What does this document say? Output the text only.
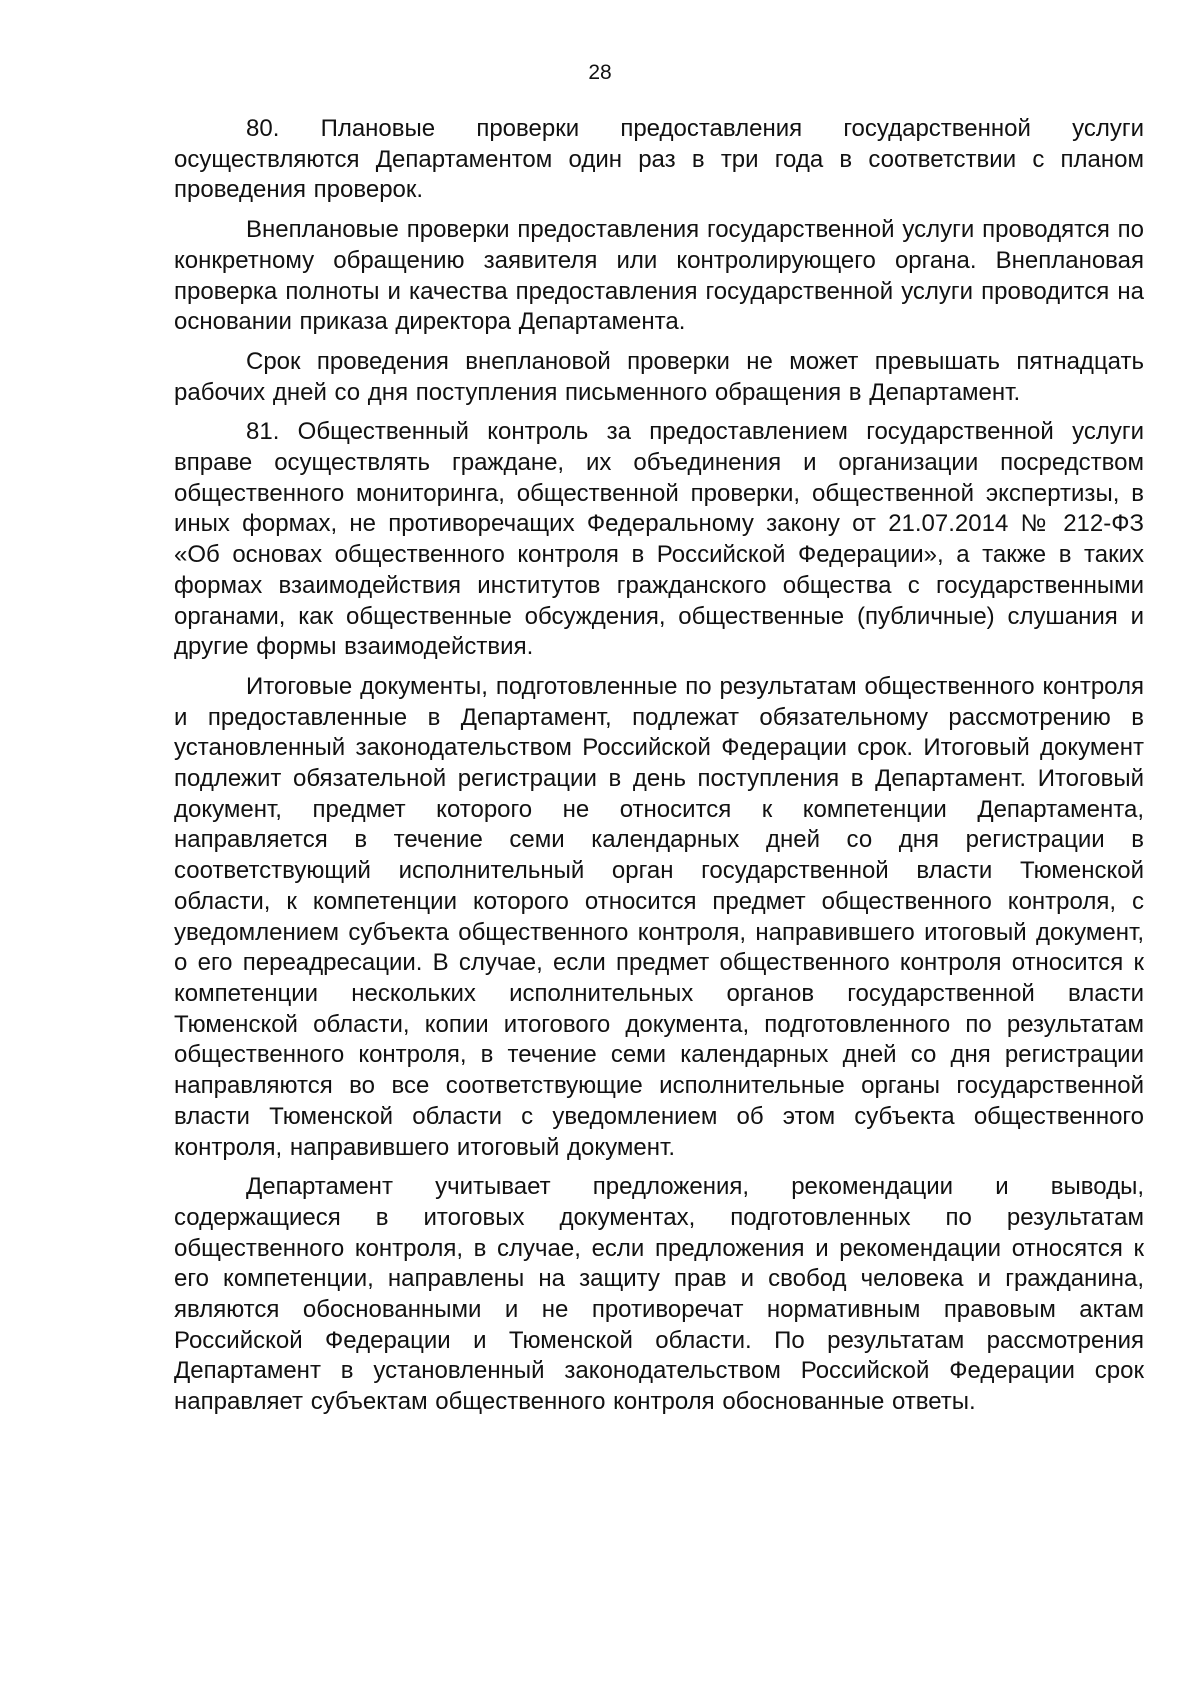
28

80. Плановые проверки предоставления государственной услуги осуществляются Департаментом один раз в три года в соответствии с планом проведения проверок.

Внеплановые проверки предоставления государственной услуги проводятся по конкретному обращению заявителя или контролирующего органа. Внеплановая проверка полноты и качества предоставления государственной услуги проводится на основании приказа директора Департамента.

Срок проведения внеплановой проверки не может превышать пятнадцать рабочих дней со дня поступления письменного обращения в Департамент.

81. Общественный контроль за предоставлением государственной услуги вправе осуществлять граждане, их объединения и организации посредством общественного мониторинга, общественной проверки, общественной экспертизы, в иных формах, не противоречащих Федеральному закону от 21.07.2014 № 212-ФЗ «Об основах общественного контроля в Российской Федерации», а также в таких формах взаимодействия институтов гражданского общества с государственными органами, как общественные обсуждения, общественные (публичные) слушания и другие формы взаимодействия.

Итоговые документы, подготовленные по результатам общественного контроля и предоставленные в Департамент, подлежат обязательному рассмотрению в установленный законодательством Российской Федерации срок. Итоговый документ подлежит обязательной регистрации в день поступления в Департамент. Итоговый документ, предмет которого не относится к компетенции Департамента, направляется в течение семи календарных дней со дня регистрации в соответствующий исполнительный орган государственной власти Тюменской области, к компетенции которого относится предмет общественного контроля, с уведомлением субъекта общественного контроля, направившего итоговый документ, о его переадресации. В случае, если предмет общественного контроля относится к компетенции нескольких исполнительных органов государственной власти Тюменской области, копии итогового документа, подготовленного по результатам общественного контроля, в течение семи календарных дней со дня регистрации направляются во все соответствующие исполнительные органы государственной власти Тюменской области с уведомлением об этом субъекта общественного контроля, направившего итоговый документ.

Департамент учитывает предложения, рекомендации и выводы, содержащиеся в итоговых документах, подготовленных по результатам общественного контроля, в случае, если предложения и рекомендации относятся к его компетенции, направлены на защиту прав и свобод человека и гражданина, являются обоснованными и не противоречат нормативным правовым актам Российской Федерации и Тюменской области. По результатам рассмотрения Департамент в установленный законодательством Российской Федерации срок направляет субъектам общественного контроля обоснованные ответы.
